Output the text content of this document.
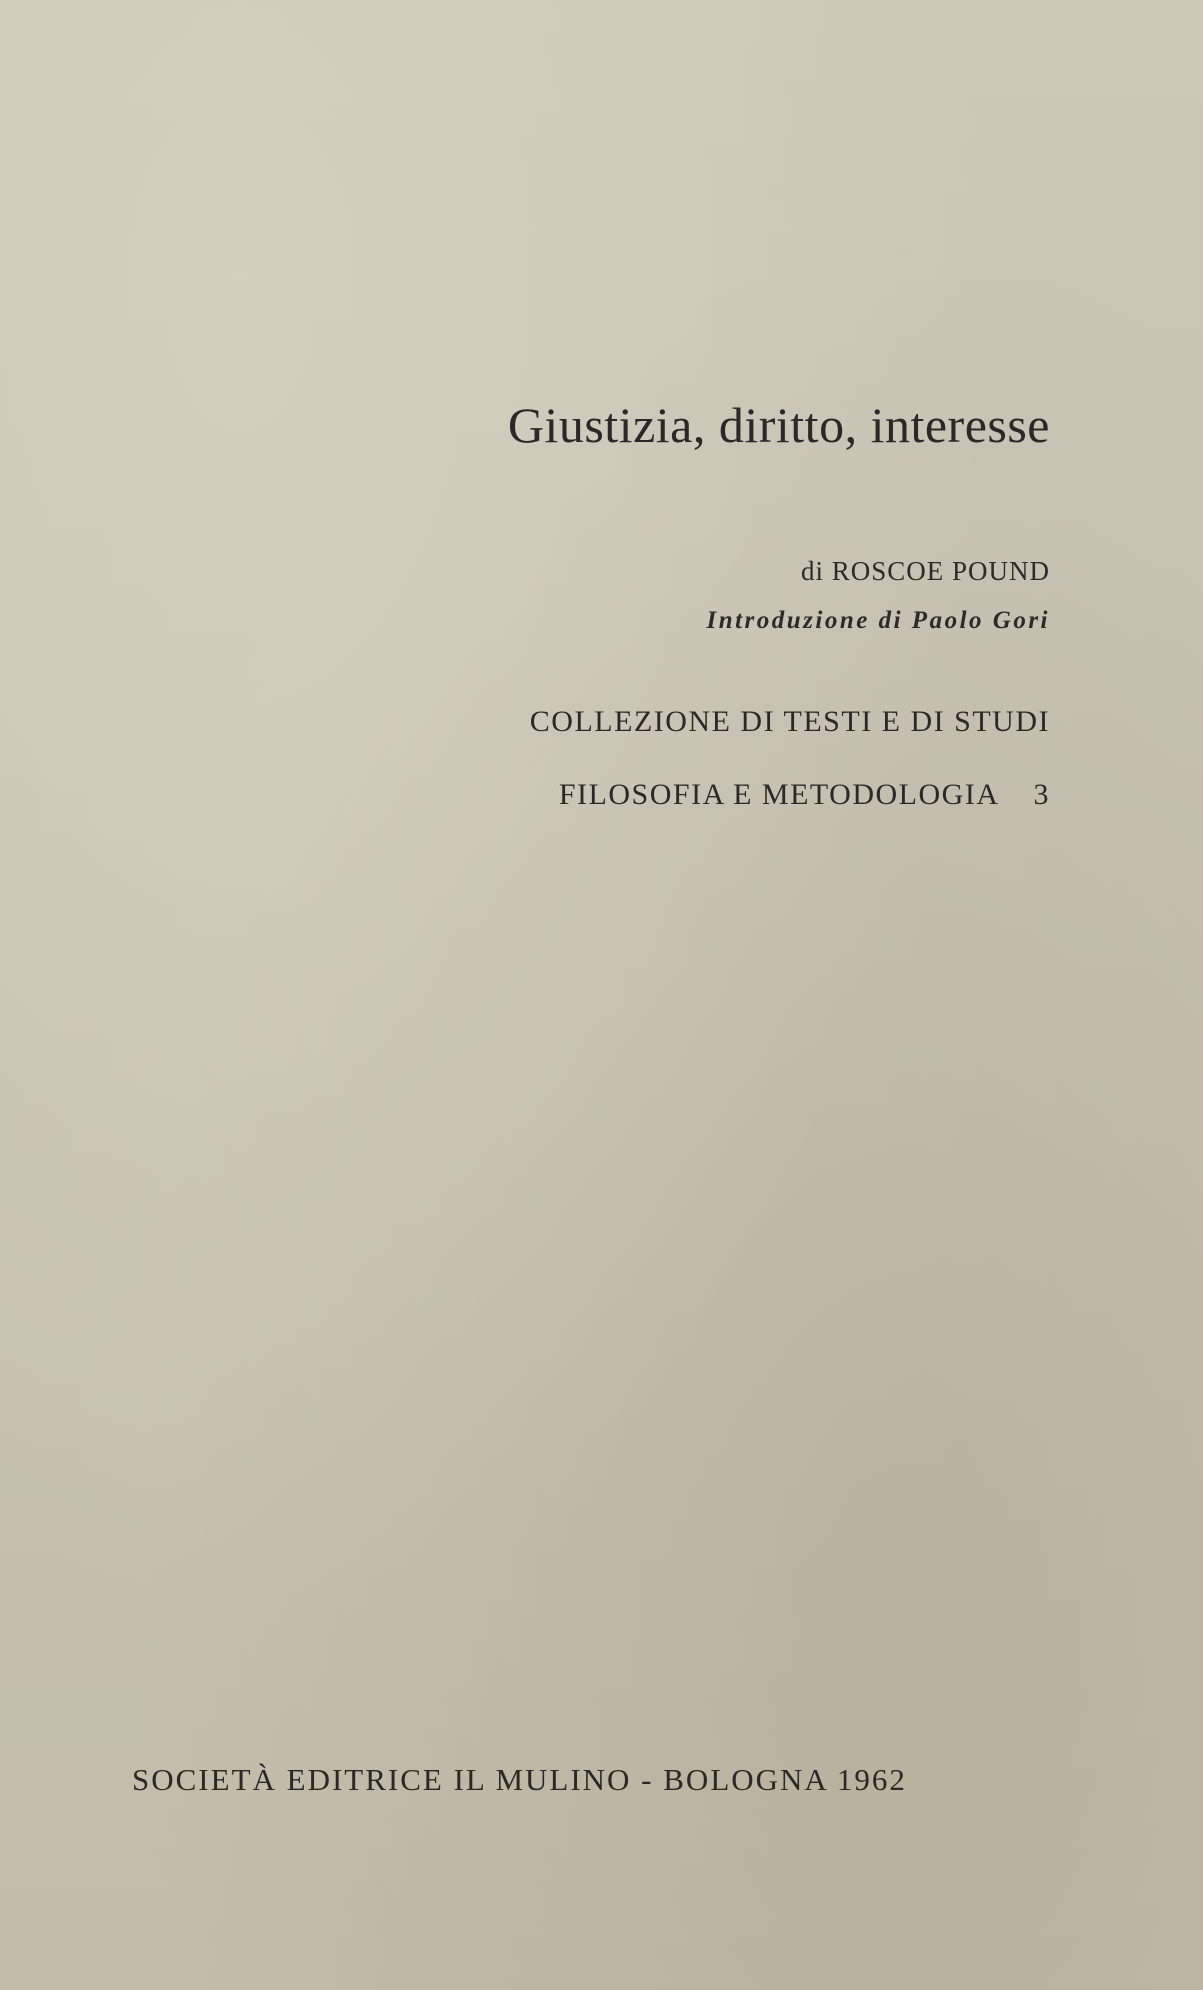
Giustizia, diritto, interesse
di ROSCOE POUND
Introduzione di Paolo Gori
COLLEZIONE DI TESTI E DI STUDI
FILOSOFIA E METODOLOGIA 3
SOCIETÀ EDITRICE IL MULINO - BOLOGNA 1962
